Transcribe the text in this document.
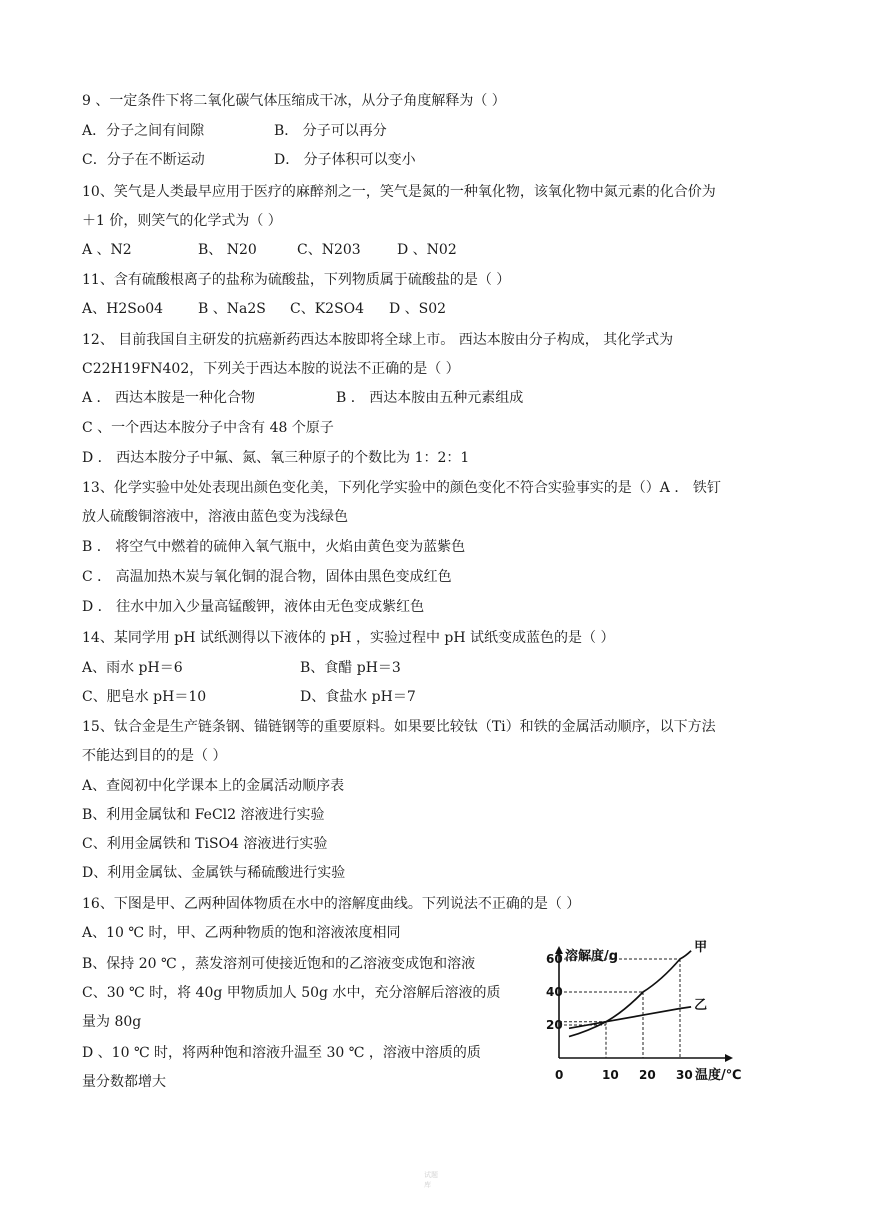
9 、一定条件下将二氧化碳气体压缩成干冰，从分子角度解释为（ ）
A．分子之间有间隙	B． 分子可以再分
C．分子在不断运动	D． 分子体积可以变小
10、笑气是人类最早应用于医疗的麻醉剂之一，笑气是氮的一种氧化物，该氧化物中氮元素的化合价为
＋1 价，则笑气的化学式为（ ）
A 、N2	B、 N20	C、N203	D 、N02
11、含有硫酸根离子的盐称为硫酸盐，下列物质属于硫酸盐的是（ ）
A、H2So04 B 、Na2S C、K2SO4 D 、S02
12、 目前我国自主研发的抗癌新药西达本胺即将全球上市。 西达本胺由分子构成， 其化学式为
C22H19FN402，下列关于西达本胺的说法不正确的是（ ）
A ． 西达本胺是一种化合物	B ． 西达本胺由五种元素组成
C 、一个西达本胺分子中含有 48 个原子
D ． 西达本胺分子中氟、氮、氧三种原子的个数比为 1：2：1
13、化学实验中处处表现出颜色变化美，下列化学实验中的颜色变化不符合实验事实的是（）A ． 铁钉
放人硫酸铜溶液中，溶液由蓝色变为浅绿色
B ． 将空气中燃着的硫伸入氧气瓶中，火焰由黄色变为蓝紫色
C ． 高温加热木炭与氧化铜的混合物，固体由黑色变成红色
D ． 往水中加入少量高锰酸钾，液体由无色变成紫红色
14、某同学用 pH 试纸测得以下液体的 pH ，实验过程中 pH 试纸变成蓝色的是（ ）
A、雨水 pH＝6	B、食醋 pH＝3
C、肥皂水 pH＝10	D、食盐水 pH＝7
15、钛合金是生产链条钢、锚链钢等的重要原料。如果要比较钛（Ti）和铁的金属活动顺序，以下方法
不能达到目的的是（ ）
A、查阅初中化学课本上的金属活动顺序表
B、利用金属钛和 FeCl2 溶液进行实验
C、利用金属铁和 TiSO4 溶液进行实验
D、利用金属钛、金属铁与稀硫酸进行实验
16、下图是甲、乙两种固体物质在水中的溶解度曲线。下列说法不正确的是（ ）
A、10 ℃ 时，甲、乙两种物质的饱和溶液浓度相同
B、保持 20 ℃ ，蒸发溶剂可使接近饱和的乙溶液变成饱和溶液
C、30 ℃ 时，将 40g 甲物质加人 50g 水中，充分溶解后溶液的质
量为 80g
D 、10 ℃ 时，将两种饱和溶液升温至 30 ℃ ，溶液中溶质的质
量分数都增大
溶解度/g
温度/℃
0	10 20 30
20
40
60
甲
乙
试题库
